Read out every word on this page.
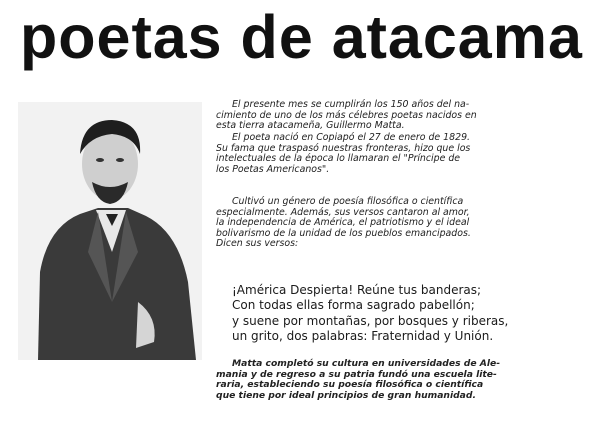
poetas de atacama
El presente mes se cumplirán los 150 años del na-
cimiento de uno de los más célebres poetas nacidos en
esta tierra atacameña, Guillermo Matta.
El poeta nació en Copiapó el 27 de enero de 1829.
Su fama que traspasó nuestras fronteras, hizo que los
intelectuales de la época lo llamaran el "Príncipe de
los Poetas Americanos".
Cultivó un género de poesía filosófica o científica
especialmente. Además, sus versos cantaron al amor,
la independencia de América, el patriotismo y el ideal
bolivarismo de la unidad de los pueblos emancipados.
Dicen sus versos:
¡América Despierta! Reúne tus banderas;
Con todas ellas forma sagrado pabellón;
y suene por montañas, por bosques y riberas,
un grito, dos palabras: Fraternidad y Unión.
Matta completó su cultura en universidades de Ale-
mania y de regreso a su patria fundó una escuela lite-
raria, estableciendo su poesía filosófica o científica
que tiene por ideal principios de gran humanidad.
